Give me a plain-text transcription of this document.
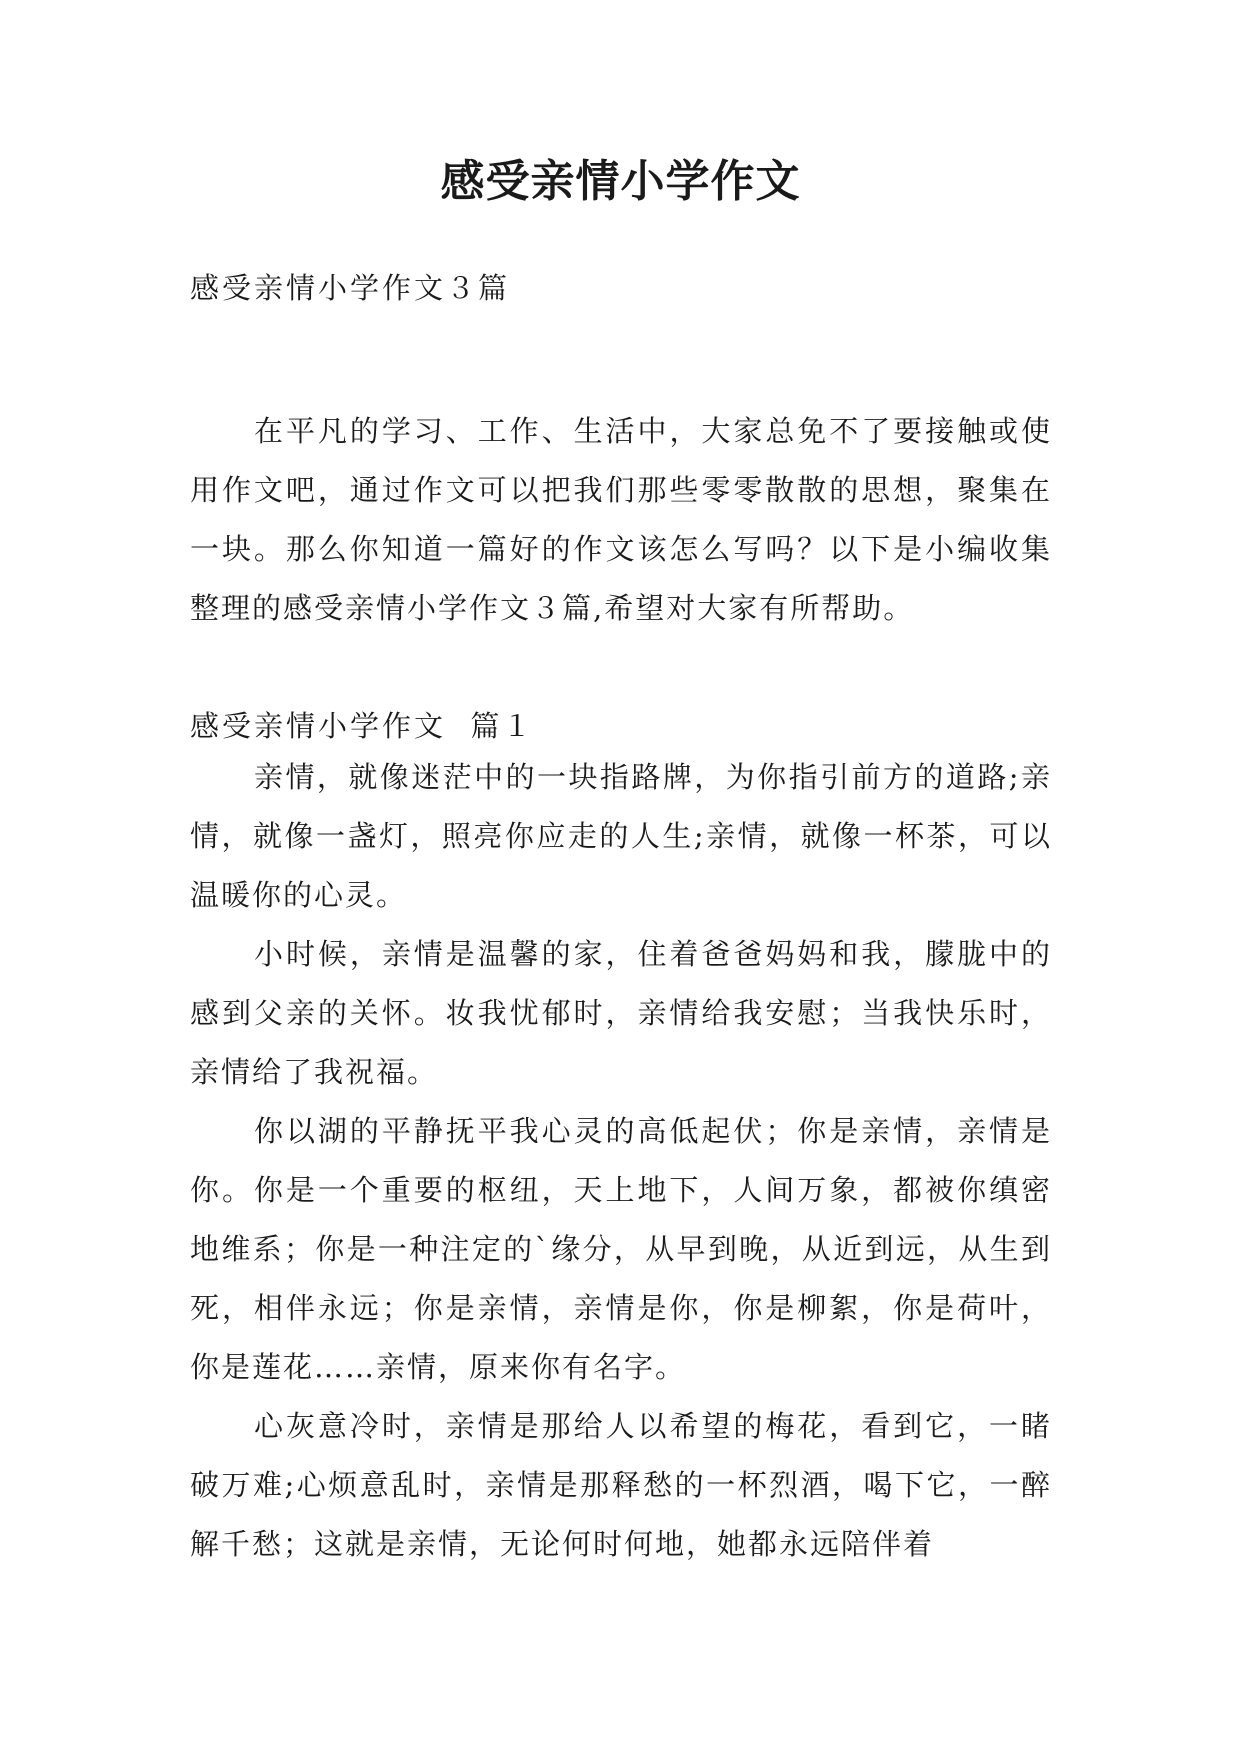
感受亲情小学作文
感受亲情小学作文３篇

在平凡的学习、工作、生活中，大家总免不了要接触或使用作文吧，通过作文可以把我们那些零零散散的思想，聚集在一块。那么你知道一篇好的作文该怎么写吗？以下是小编收集整理的感受亲情小学作文３篇,希望对大家有所帮助。

感受亲情小学作文  篇１

亲情，就像迷茫中的一块指路牌，为你指引前方的道路;亲情，就像一盏灯，照亮你应走的人生;亲情，就像一杯茶，可以温暖你的心灵。

小时候，亲情是温馨的家，住着爸爸妈妈和我，朦胧中的感到父亲的关怀。妆我忧郁时，亲情给我安慰；当我快乐时，亲情给了我祝福。

你以湖的平静抚平我心灵的高低起伏；你是亲情，亲情是你。你是一个重要的枢纽，天上地下，人间万象，都被你缜密地维系；你是一种注定的`缘分，从早到晚，从近到远，从生到死，相伴永远；你是亲情，亲情是你，你是柳絮，你是荷叶，你是莲花……亲情，原来你有名字。

心灰意冷时，亲情是那给人以希望的梅花，看到它，一睹破万难;心烦意乱时，亲情是那释愁的一杯烈酒，喝下它，一醉解千愁；这就是亲情，无论何时何地，她都永远陪伴着
